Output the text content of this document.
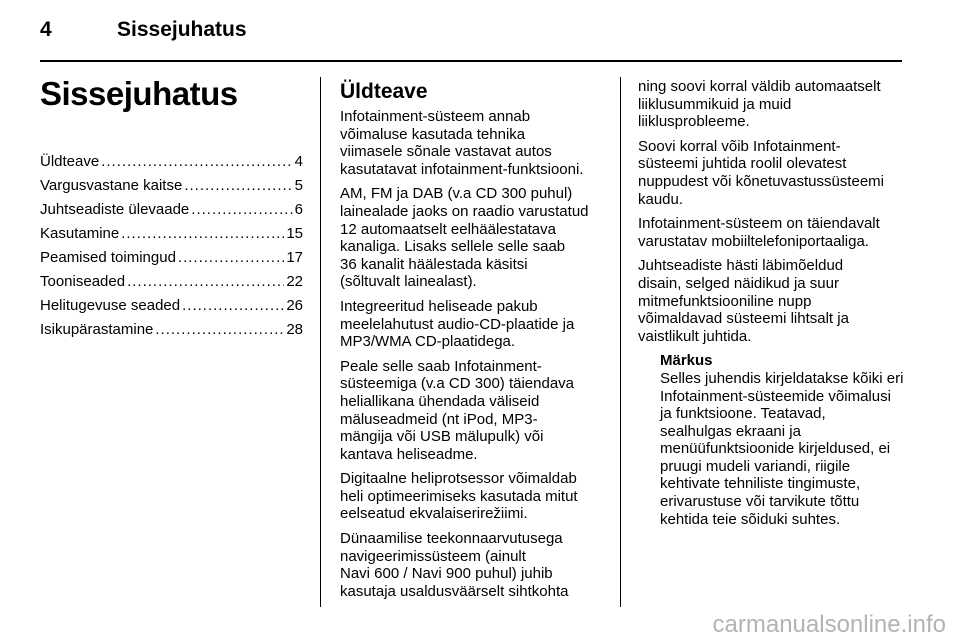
4	Sissejuhatus
Sissejuhatus
Üldteave .....	4
Vargusvastane kaitse .....	5
Juhtseadiste ülevaade .....	6
Kasutamine .....	15
Peamised toimingud .....	17
Tooniseaded .....	22
Helitugevuse seaded .....	26
Isikupärastamine .....	28
Üldteave

Infotainment-süsteem annab
võimaluse kasutada tehnika
viimasele sõnale vastavat autos
kasutatavat infotainment-funktsiooni.

AM, FM ja DAB (v.a CD 300 puhul)
lainealade jaoks on raadio varustatud
12 automaatselt eelhäälestatava
kanaliga. Lisaks sellele selle saab
36 kanalit häälestada käsitsi
(sõltuvalt lainealast).

Integreeritud heliseade pakub
meelelahutust audio-CD-plaatide ja
MP3/WMA CD-plaatidega.

Peale selle saab Infotainment-
süsteemiga (v.a CD 300) täiendava
heliallikana ühendada väliseid
mäluseadmeid (nt iPod, MP3-
mängija või USB mälupulk) või
kantava heliseadme.

Digitaalne heliprotsessor võimaldab
heli optimeerimiseks kasutada mitut
eelseatud ekvalaiserirežiimi.

Dünaamilise teekonnaarvutusega
navigeerimissüsteem (ainult
Navi 600 / Navi 900 puhul) juhib
kasutaja usaldusväärselt sihtkohta

ning soovi korral väldib automaatselt
liiklusummikuid ja muid
liiklusprobleeme.

Soovi korral võib Infotainment-
süsteemi juhtida roolil olevatest
nuppudest või kõnetuvastussüsteemi
kaudu.

Infotainment-süsteem on täiendavalt
varustatav mobiiltelefoniportaaliga.

Juhtseadiste hästi läbimõeldud
disain, selged näidikud ja suur
mitmefunktsiooniline nupp
võimaldavad süsteemi lihtsalt ja
vaistlikult juhtida.

Märkus
Selles juhendis kirjeldatakse kõiki eri
Infotainment-süsteemide võimalusi
ja funktsioone. Teatavad,
sealhulgas ekraani ja
menüüfunktsioonide kirjeldused, ei
pruugi mudeli variandi, riigile
kehtivate tehniliste tingimuste,
erivarustuse või tarvikute tõttu
kehtida teie sõiduki suhtes.
carmanualsonline.info
